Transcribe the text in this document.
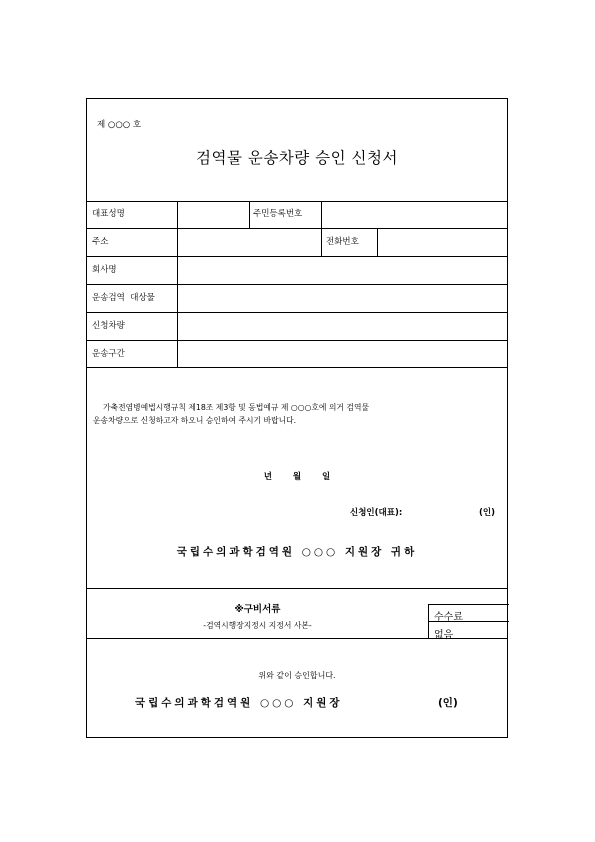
제 ○○○ 호
검역물 운송차량 승인 신청서
대표성명	주민등록번호
주소	전화번호
회사명
운송검역  대상물
신청차량
운송구간
가축전염병예법시행규칙 제18조 제3항 및 동법예규 제 ○○○호에 의거 검역물
운송차량으로 신청하고자 하오니 승인하여 주시기 바랍니다.
년 월 일
신청인(대표):	(인)
국립수의과학검역원 ○○○ 지원장 귀하
※구비서류
-검역시행장지정시 지정서 사본-
수수료
없음
위와 같이 승인합니다.
국립수의과학검역원 ○○○ 지원장	(인)
